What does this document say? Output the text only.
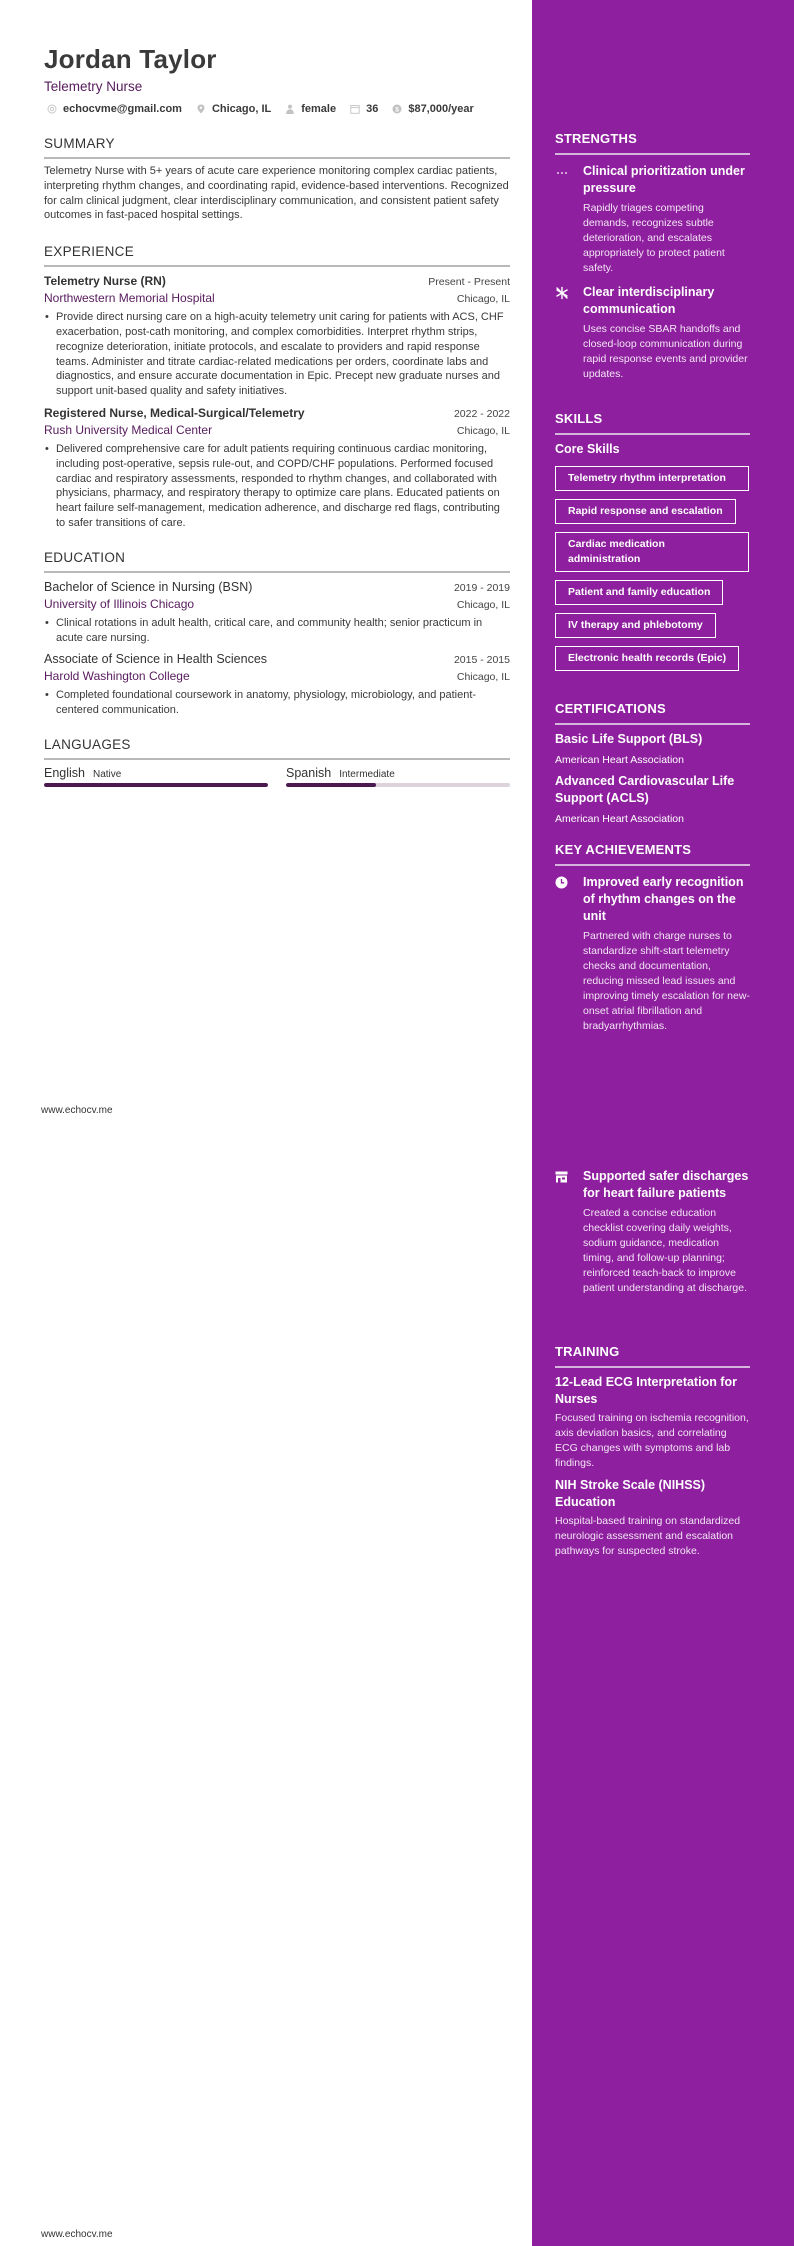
Jordan Taylor
Telemetry Nurse
echocvme@gmail.com	Chicago, IL	female	36	$ $87,000/year
SUMMARY

Telemetry Nurse with 5+ years of acute care experience monitoring complex cardiac patients, interpreting rhythm changes, and coordinating rapid, evidence-based interventions. Recognized for calm clinical judgment, clear interdisciplinary communication, and consistent patient safety outcomes in fast-paced hospital settings.

EXPERIENCE
Telemetry Nurse (RN)	Present - Present
Northwestern Memorial Hospital	Chicago, IL
• Provide direct nursing care on a high-acuity telemetry unit caring for patients with ACS, CHF exacerbation, post-cath monitoring, and complex comorbidities. Interpret rhythm strips, recognize deterioration, initiate protocols, and escalate to providers and rapid response teams. Administer and titrate cardiac-related medications per orders, coordinate labs and diagnostics, and ensure accurate documentation in Epic. Precept new graduate nurses and support unit-based quality and safety initiatives.
Registered Nurse, Medical-Surgical/Telemetry	2022 - 2022
Rush University Medical Center	Chicago, IL
• Delivered comprehensive care for adult patients requiring continuous cardiac monitoring, including post-operative, sepsis rule-out, and COPD/CHF populations. Performed focused cardiac and respiratory assessments, responded to rhythm changes, and collaborated with physicians, pharmacy, and respiratory therapy to optimize care plans. Educated patients on heart failure self-management, medication adherence, and discharge red flags, contributing to safer transitions of care.
EDUCATION
Bachelor of Science in Nursing (BSN)	2019 - 2019
University of Illinois Chicago	Chicago, IL
• Clinical rotations in adult health, critical care, and community health; senior practicum in acute care nursing.
Associate of Science in Health Sciences	2015 - 2015
Harold Washington College	Chicago, IL
• Completed foundational coursework in anatomy, physiology, microbiology, and patient-centered communication.
LANGUAGES
English Native	Spanish Intermediate
www.echocv.me
www.echocv.me
STRENGTHS
Clinical prioritization under pressure
Rapidly triages competing demands, recognizes subtle deterioration, and escalates appropriately to protect patient safety.
Clear interdisciplinary communication
Uses concise SBAR handoffs and closed-loop communication during rapid response events and provider updates.
SKILLS
Core Skills
Telemetry rhythm interpretation
Rapid response and escalation
Cardiac medication administration
Patient and family education
IV therapy and phlebotomy
Electronic health records (Epic)
CERTIFICATIONS
Basic Life Support (BLS)
American Heart Association
Advanced Cardiovascular Life Support (ACLS)
American Heart Association
KEY ACHIEVEMENTS
Improved early recognition of rhythm changes on the unit
Partnered with charge nurses to standardize shift-start telemetry checks and documentation, reducing missed lead issues and improving timely escalation for new-onset atrial fibrillation and bradyarrhythmias.
Supported safer discharges for heart failure patients
Created a concise education checklist covering daily weights, sodium guidance, medication timing, and follow-up planning; reinforced teach-back to improve patient understanding at discharge.
TRAINING
12-Lead ECG Interpretation for Nurses
Focused training on ischemia recognition, axis deviation basics, and correlating ECG changes with symptoms and lab findings.
NIH Stroke Scale (NIHSS) Education
Hospital-based training on standardized neurologic assessment and escalation pathways for suspected stroke.
